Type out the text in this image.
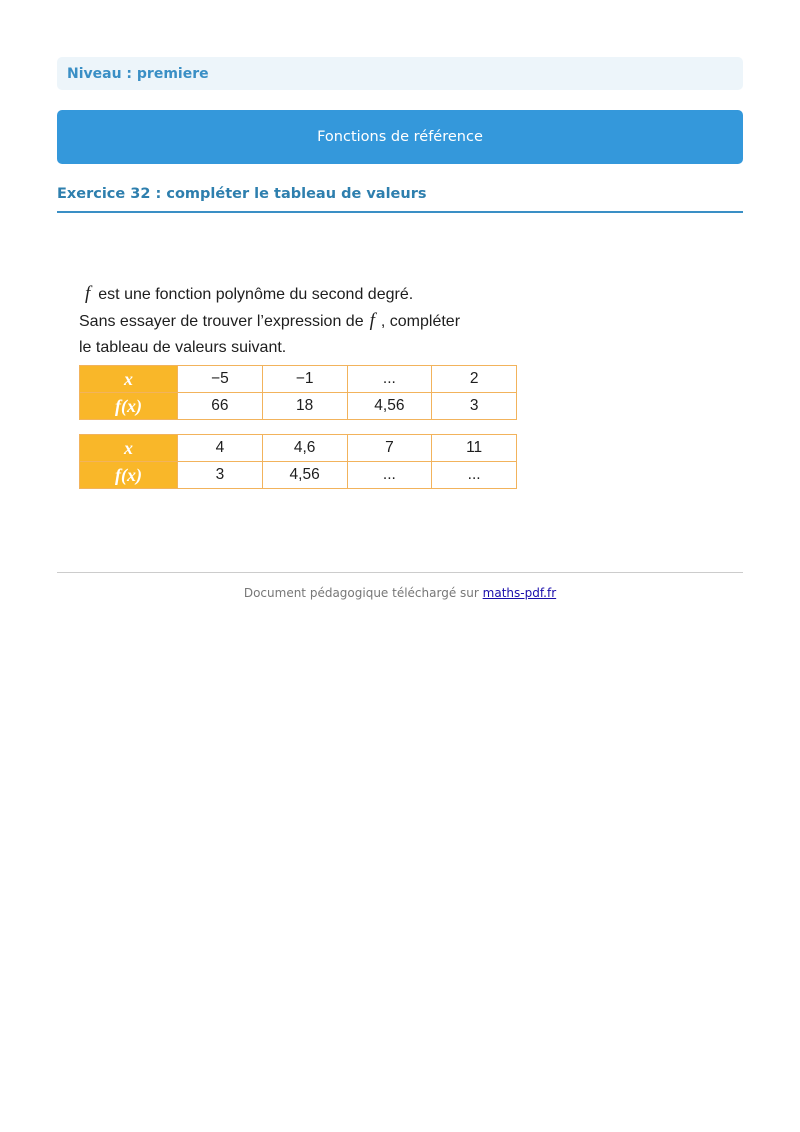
Niveau : premiere
Fonctions de référence
Exercice 32 : compléter le tableau de valeurs

f est une fonction polynôme du second degré.

Sans essayer de trouver l’expression de f , compléter

le tableau de valeurs suivant.

x	−5	−1	...	2
f(x)	66	18	4,56	3
x	4	4,6	7	11
f(x)	3	4,56	...	...
Document pédagogique téléchargé sur maths-pdf.fr
